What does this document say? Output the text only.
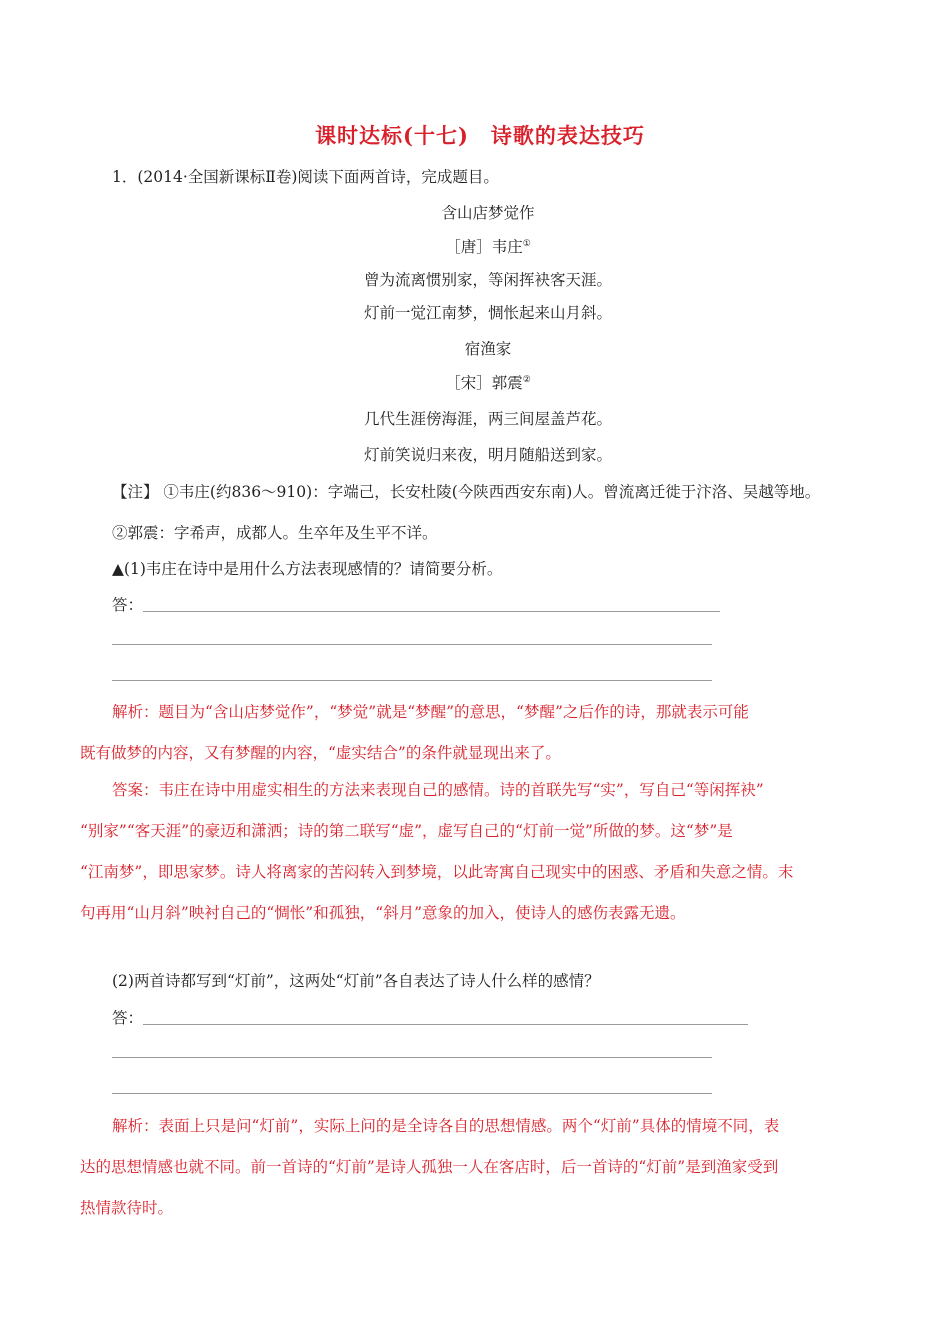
课时达标(十七)　诗歌的表达技巧
1．(2014·全国新课标Ⅱ卷)阅读下面两首诗，完成题目。
含山店梦觉作
［唐］韦庄①
曾为流离惯别家，等闲挥袂客天涯。
灯前一觉江南梦，惆怅起来山月斜。
宿渔家
［宋］郭震②
几代生涯傍海涯，两三间屋盖芦花。
灯前笑说归来夜，明月随船送到家。
【注】 ①韦庄(约836～910)：字端己，长安杜陵(今陕西西安东南)人。曾流离迁徙于汴洛、吴越等地。
②郭震：字希声，成都人。生卒年及生平不详。
▲(1)韦庄在诗中是用什么方法表现感情的？请简要分析。
答：
解析：题目为“含山店梦觉作”，“梦觉”就是“梦醒”的意思，“梦醒”之后作的诗，那就表示可能
既有做梦的内容，又有梦醒的内容，“虚实结合”的条件就显现出来了。
答案：韦庄在诗中用虚实相生的方法来表现自己的感情。诗的首联先写“实”，写自己“等闲挥袂”
“别家”“客天涯”的豪迈和潇洒；诗的第二联写“虚”，虚写自己的“灯前一觉”所做的梦。这“梦”是
“江南梦”，即思家梦。诗人将离家的苦闷转入到梦境，以此寄寓自己现实中的困惑、矛盾和失意之情。末
句再用“山月斜”映衬自己的“惆怅”和孤独，“斜月”意象的加入，使诗人的感伤表露无遗。
(2)两首诗都写到“灯前”，这两处“灯前”各自表达了诗人什么样的感情？
答：
解析：表面上只是问“灯前”，实际上问的是全诗各自的思想情感。两个“灯前”具体的情境不同，表
达的思想情感也就不同。前一首诗的“灯前”是诗人孤独一人在客店时，后一首诗的“灯前”是到渔家受到
热情款待时。
